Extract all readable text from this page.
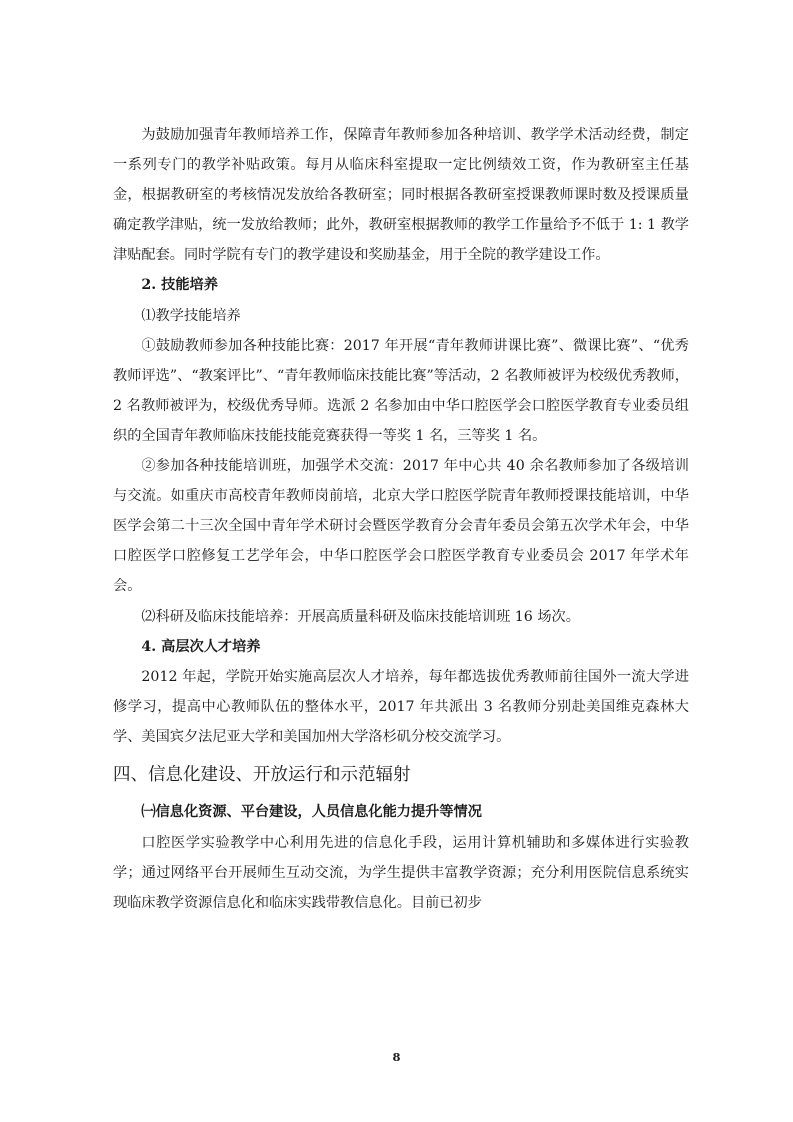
为鼓励加强青年教师培养工作，保障青年教师参加各种培训、教学学术活动经费，制定一系列专门的教学补贴政策。每月从临床科室提取一定比例绩效工资，作为教研室主任基金，根据教研室的考核情况发放给各教研室；同时根据各教研室授课教师课时数及授课质量确定教学津贴，统一发放给教师；此外，教研室根据教师的教学工作量给予不低于 1: 1 教学津贴配套。同时学院有专门的教学建设和奖励基金，用于全院的教学建设工作。

2. 技能培养

⑴教学技能培养

①鼓励教师参加各种技能比赛：2017 年开展“青年教师讲课比赛”、微课比赛”、“优秀教师评选”、“教案评比”、“青年教师临床技能比赛”等活动，2 名教师被评为校级优秀教师，2 名教师被评为，校级优秀导师。选派 2 名参加由中华口腔医学会口腔医学教育专业委员组织的全国青年教师临床技能技能竞赛获得一等奖 1 名，三等奖 1 名。

②参加各种技能培训班，加强学术交流：2017 年中心共 40 余名教师参加了各级培训与交流。如重庆市高校青年教师岗前培，北京大学口腔医学院青年教师授课技能培训，中华医学会第二十三次全国中青年学术研讨会暨医学教育分会青年委员会第五次学术年会，中华口腔医学口腔修复工艺学年会，中华口腔医学会口腔医学教育专业委员会 2017 年学术年会。

⑵科研及临床技能培养：开展高质量科研及临床技能培训班 16 场次。

4. 高层次人才培养

2012 年起，学院开始实施高层次人才培养，每年都选拔优秀教师前往国外一流大学进修学习，提高中心教师队伍的整体水平，2017 年共派出 3 名教师分别赴美国维克森林大学、美国宾夕法尼亚大学和美国加州大学洛杉矶分校交流学习。

四、信息化建设、开放运行和示范辐射

㈠信息化资源、平台建设，人员信息化能力提升等情况

口腔医学实验教学中心利用先进的信息化手段，运用计算机辅助和多媒体进行实验教学；通过网络平台开展师生互动交流，为学生提供丰富教学资源；充分利用医院信息系统实现临床教学资源信息化和临床实践带教信息化。目前已初步

8
